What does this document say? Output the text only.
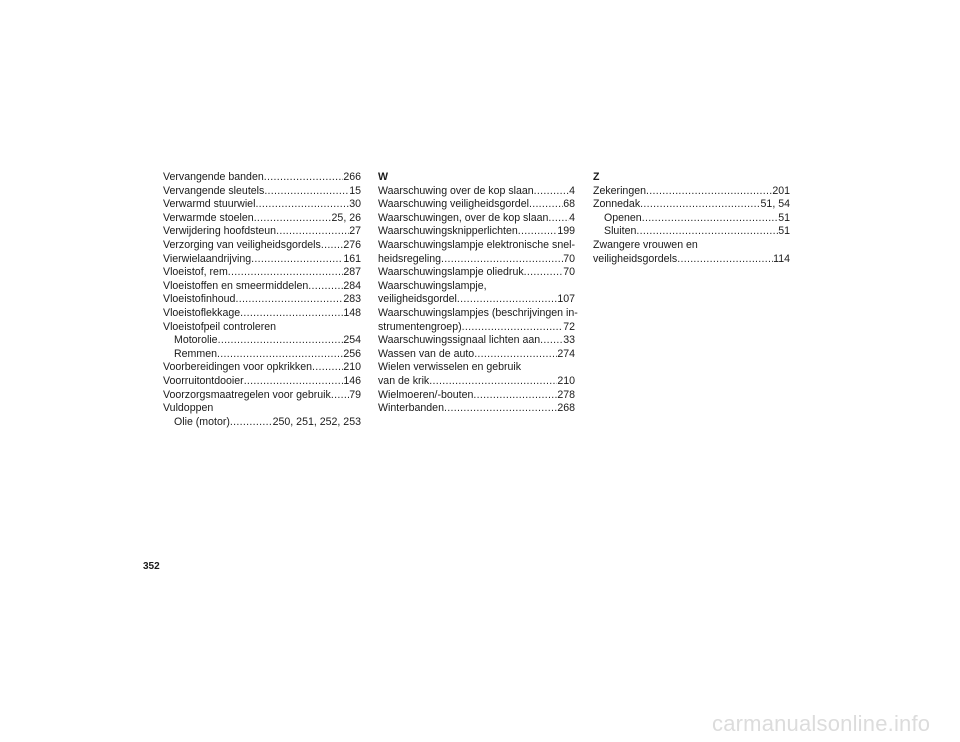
Vervangende banden .....	266
Vervangende sleutels .....	15
Verwarmd stuurwiel .....	30
Verwarmde stoelen .....	25, 26
Verwijdering hoofdsteun .....	27
Verzorging van veiligheidsgordels ..... 276
Vierwielaandrijving .....	161
Vloeistof, rem .....	287
Vloeistoffen en smeermiddelen .....	284
Vloeistofinhoud .....	283
Vloeistoflekkage .....	148
Vloeistofpeil controleren
Motorolie .....	254
Remmen .....	256
Voorbereidingen voor opkrikken .....	210
Voorruitontdooier .....	146
Voorzorgsmaatregelen voor gebruik ..... 79
Vuldoppen
Olie (motor) .....	250, 251, 252, 253
W
Waarschuwing over de kop slaan .....	4
Waarschuwing veiligheidsgordel .....	68
Waarschuwingen, over de kop slaan ..... 4
Waarschuwingsknipperlichten .....	199
Waarschuwingslampje elektronische snel-
heidsregeling .....	70
Waarschuwingslampje oliedruk .....	70
Waarschuwingslampje,
veiligheidsgordel .....	107
Waarschuwingslampjes (beschrijvingen in-
strumentengroep) .....	72
Waarschuwingssignaal lichten aan ..... 33
Wassen van de auto .....	274
Wielen verwisselen en gebruik
van de krik .....	210
Wielmoeren/-bouten .....	278
Winterbanden .....	268
Z
Zekeringen .....	201
Zonnedak .....	51, 54
Openen .....	51
Sluiten .....	51
Zwangere vrouwen en
veiligheidsgordels .....	114
352
carmanualsonline.info
